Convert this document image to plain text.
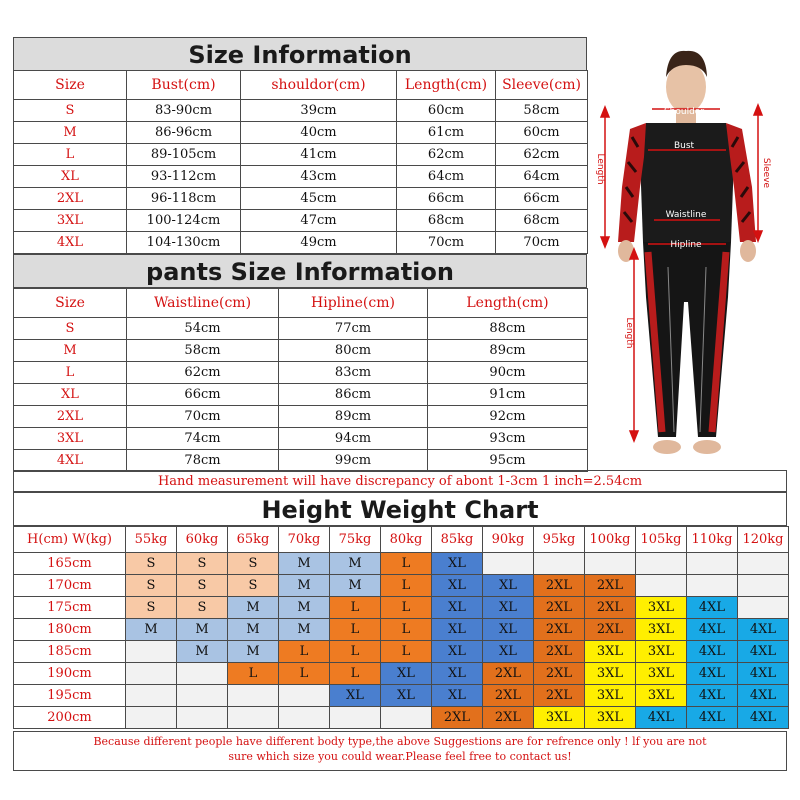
Size Information
Size	Bust(cm)	shouldor(cm)	Length(cm)	Sleeve(cm)
S	83-90cm	39cm	60cm	58cm
M	86-96cm	40cm	61cm	60cm
L	89-105cm	41cm	62cm	62cm
XL	93-112cm	43cm	64cm	64cm
2XL	96-118cm	45cm	66cm	66cm
3XL	100-124cm	47cm	68cm	68cm
4XL	104-130cm	49cm	70cm	70cm
pants Size Information
Size	Waistline(cm)	Hipline(cm)	Length(cm)
S	54cm	77cm	88cm
M	58cm	80cm	89cm
L	62cm	83cm	90cm
XL	66cm	86cm	91cm
2XL	70cm	89cm	92cm
3XL	74cm	94cm	93cm
4XL	78cm	99cm	95cm
Shouldor
Bust
Length	Sleeve
Waistline
Hipline
Length
Hand measurement will have discrepancy of abont 1-3cm 1 inch=2.54cm
Height Weight Chart
H(cm) W(kg)	55kg	60kg	65kg	70kg	75kg	80kg	85kg	90kg	95kg	100kg	105kg	110kg	120kg
165cm	S	S	S	M	M	L	XL						
170cm	S	S	S	M	M	L	XL	XL	2XL	2XL			
175cm	S	S	M	M	L	L	XL	XL	2XL	2XL	3XL	4XL	
180cm	M	M	M	M	L	L	XL	XL	2XL	2XL	3XL	4XL	4XL
185cm		M	M	L	L	L	XL	XL	2XL	3XL	3XL	4XL	4XL
190cm			L	L	L	XL	XL	2XL	2XL	3XL	3XL	4XL	4XL
195cm					XL	XL	XL	2XL	2XL	3XL	3XL	4XL	4XL
200cm							2XL	2XL	3XL	3XL	4XL	4XL	4XL
Because different people have different body type,the above Suggestions are for refrence only ! lf you are not
sure which size you could wear.Please feel free to contact us!
